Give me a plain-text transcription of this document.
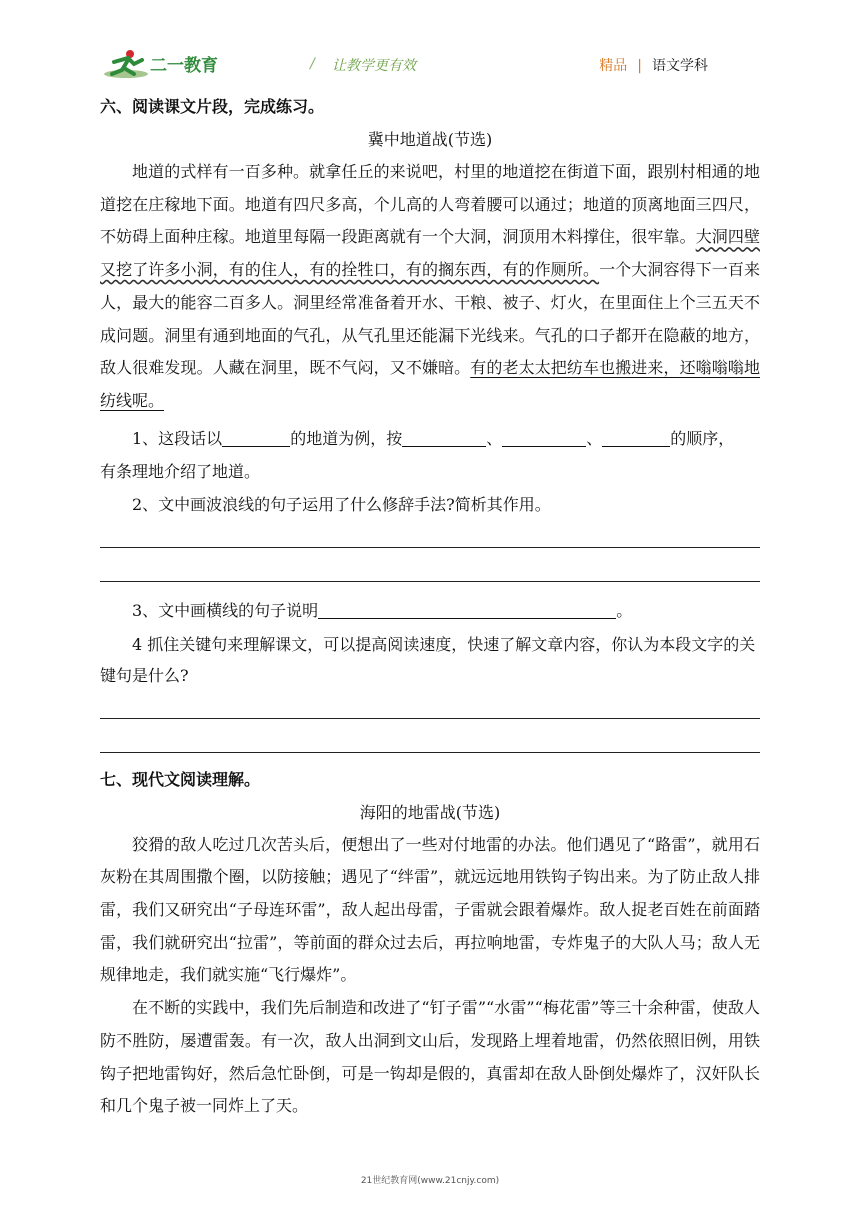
二一教育	/ 让教学更有效	精品 | 语文学科
六、阅读课文片段，完成练习。
冀中地道战(节选)

地道的式样有一百多种。就拿任丘的来说吧，村里的地道挖在街道下面，跟别村相通的地道挖在庄稼地下面。地道有四尺多高，个儿高的人弯着腰可以通过；地道的顶离地面三四尺，不妨碍上面种庄稼。地道里每隔一段距离就有一个大洞，洞顶用木料撑住，很牢靠。大洞四壁又挖了许多小洞，有的住人，有的拴牲口，有的搁东西，有的作厕所。一个大洞容得下一百来人，最大的能容二百多人。洞里经常准备着开水、干粮、被子、灯火，在里面住上个三五天不成问题。洞里有通到地面的气孔，从气孔里还能漏下光线来。气孔的口子都开在隐蔽的地方，敌人很难发现。人藏在洞里，既不气闷，又不嫌暗。有的老太太把纺车也搬进来，还嗡嗡嗡地纺线呢。

1、这段话以	的地道为例，按	、	、	的顺序，

有条理地介绍了地道。

2、文中画波浪线的句子运用了什么修辞手法?简析其作用。

3、文中画横线的句子说明	。

4 抓住关键句来理解课文，可以提高阅读速度，快速了解文章内容，你认为本段文字的关键句是什么?

七、现代文阅读理解。
海阳的地雷战(节选)

狡猾的敌人吃过几次苦头后，便想出了一些对付地雷的办法。他们遇见了“路雷”，就用石灰粉在其周围撒个圈，以防接触；遇见了“绊雷”，就远远地用铁钩子钩出来。为了防止敌人排雷，我们又研究出“子母连环雷”，敌人起出母雷，子雷就会跟着爆炸。敌人捉老百姓在前面踏雷，我们就研究出“拉雷”，等前面的群众过去后，再拉响地雷，专炸鬼子的大队人马；敌人无规律地走，我们就实施“飞行爆炸”。

在不断的实践中，我们先后制造和改进了“钉子雷”“水雷”“梅花雷”等三十余种雷，使敌人防不胜防，屡遭雷轰。有一次，敌人出洞到文山后，发现路上埋着地雷，仍然依照旧例，用铁钩子把地雷钩好，然后急忙卧倒，可是一钩却是假的，真雷却在敌人卧倒处爆炸了，汉奸队长和几个鬼子被一同炸上了天。

21世纪教育网(www.21cnjy.com)
